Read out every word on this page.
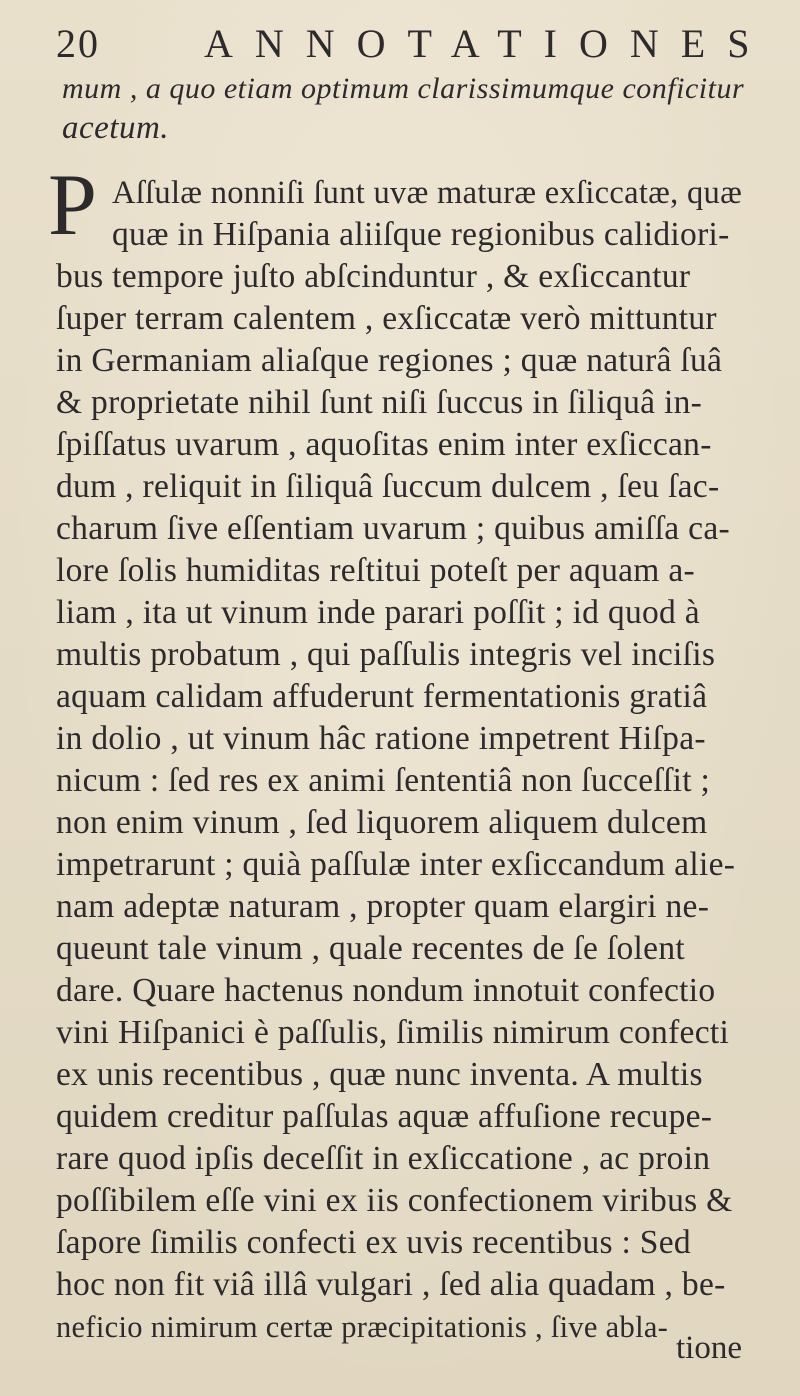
20	ANNOTATIONES
mum , a quo etiam optimum clarissimumque conficitur
acetum.
P Aſſulæ nonniſi ſunt uvæ maturæ exſiccatæ, quæ
quæ in Hiſpania aliiſque regionibus calidiori-
bus tempore juſto abſcinduntur , & exſiccantur
ſuper terram calentem , exſiccatæ verò mittuntur
in Germaniam aliaſque regiones ; quæ naturâ ſuâ
& proprietate nihil ſunt niſi ſuccus in ſiliquâ in-
ſpiſſatus uvarum , aquoſitas enim inter exſiccan-
dum , reliquit in ſiliquâ ſuccum dulcem , ſeu ſac-
charum ſive eſſentiam uvarum ; quibus amiſſa ca-
lore ſolis humiditas reſtitui poteſt per aquam a-
liam , ita ut vinum inde parari poſſit ; id quod à
multis probatum , qui paſſulis integris vel inciſis
aquam calidam affuderunt fermentationis gratiâ
in dolio , ut vinum hâc ratione impetrent Hiſpa-
nicum : ſed res ex animi ſententiâ non ſucceſſit ;
non enim vinum , ſed liquorem aliquem dulcem
impetrarunt ; quià paſſulæ inter exſiccandum alie-
nam adeptæ naturam , propter quam elargiri ne-
queunt tale vinum , quale recentes de ſe ſolent
dare. Quare hactenus nondum innotuit confectio
vini Hiſpanici è paſſulis, ſimilis nimirum confecti
ex unis recentibus , quæ nunc inventa. A multis
quidem creditur paſſulas aquæ affuſione recupe-
rare quod ipſis deceſſit in exſiccatione , ac proin
poſſibilem eſſe vini ex iis confectionem viribus &
ſapore ſimilis confecti ex uvis recentibus : Sed
hoc non fit viâ illâ vulgari , ſed alia quadam , be-
neficio nimirum certæ præcipitationis , ſive abla-
tione
